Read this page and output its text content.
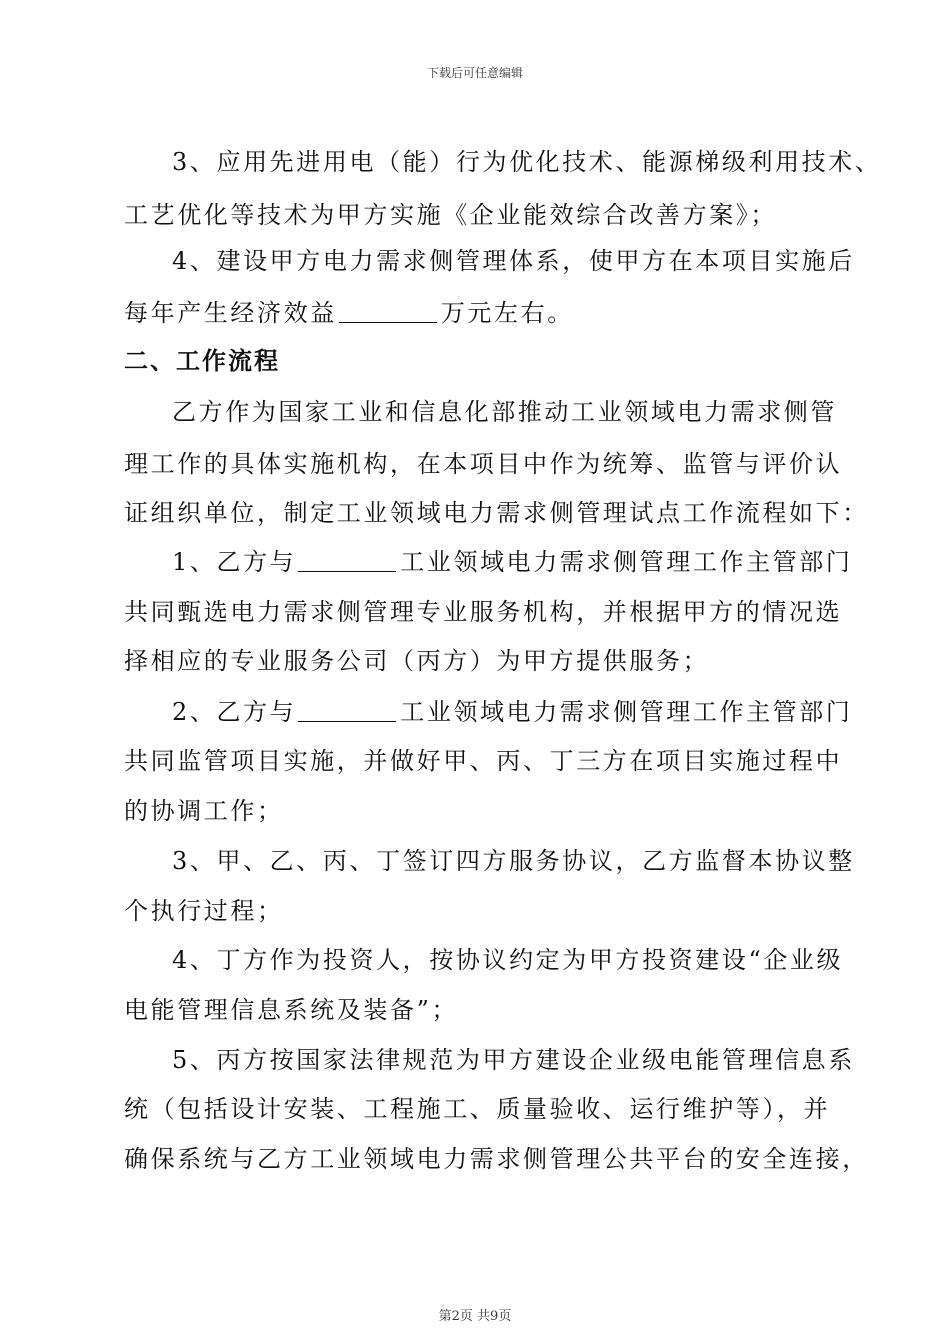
下载后可任意编辑
3、应用先进用电（能）行为优化技术、能源梯级利用技术、
工艺优化等技术为甲方实施《企业能效综合改善方案》；
4、建设甲方电力需求侧管理体系，使甲方在本项目实施后
每年产生经济效益	万元左右。
二、工作流程
乙方作为国家工业和信息化部推动工业领域电力需求侧管
理工作的具体实施机构，在本项目中作为统筹、监管与评价认
证组织单位，制定工业领域电力需求侧管理试点工作流程如下：
1、乙方与	工业领域电力需求侧管理工作主管部门
共同甄选电力需求侧管理专业服务机构，并根据甲方的情况选
择相应的专业服务公司（丙方）为甲方提供服务；
2、乙方与	工业领域电力需求侧管理工作主管部门
共同监管项目实施，并做好甲、丙、丁三方在项目实施过程中
的协调工作；
3、甲、乙、丙、丁签订四方服务协议，乙方监督本协议整
个执行过程；
4、丁方作为投资人，按协议约定为甲方投资建设“企业级
电能管理信息系统及装备”；
5、丙方按国家法律规范为甲方建设企业级电能管理信息系
统（包括设计安装、工程施工、质量验收、运行维护等），并
确保系统与乙方工业领域电力需求侧管理公共平台的安全连接，
第2页 共9页
